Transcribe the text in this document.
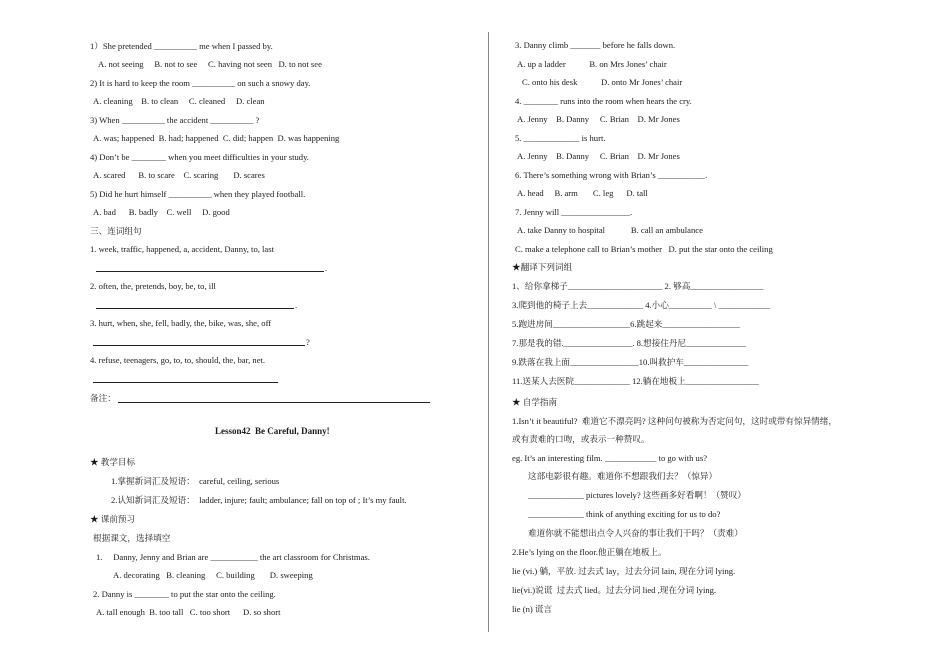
1）She pretended __________ me when I passed by.
A. not seeing     B. not to see     C. having not seen   D. to not see
2) It is hard to keep the room __________ on such a snowy day.
A. cleaning    B. to clean     C. cleaned     D. clean
3) When __________ the accident __________ ?
A. was; happened  B. had; happened  C. did; happen  D. was happening
4) Don’t be ________ when you meet difficulties in your study.
A. scared      B. to scare    C. scaring       D. scares
5) Did he hurt himself __________ when they played football.
A. bad      B. badly    C. well     D. good
三、连词组句
1. week, traffic, happened, a, accident, Danny, to, last
.
2. often, the, pretends, boy, be, to, ill
.
3. hurt, when, she, fell, badly, the, bike, was, she, off
?
4. refuse, teenagers, go, to, to, should, the, bar, net.
备注：
Lesson42  Be Careful, Danny!
★ 教学目标
1.掌握新词汇及短语：  careful, ceiling, serious
2.认知新词汇及短语：  ladder, injure; fault; ambulance; fall on top of ; It’s my fault.
★ 课前预习
根据课文，选择填空
1.     Danny, Jenny and Brian are ___________ the art classroom for Christmas.
A. decorating   B. cleaning     C. building       D. sweeping
2. Danny is ________ to put the star onto the ceiling.
A. tall enough  B. too tall   C. too short      D. so short
3. Danny climb _______ before he falls down.
A. up a ladder           B. on Mrs Jones’ chair
C. onto his desk           D. onto Mr Jones’ chair
4. ________ runs into the room when hears the cry.
A. Jenny    B. Danny     C. Brian    D. Mr Jones
5. _____________ is hurt.
A. Jenny    B. Danny     C. Brian    D. Mr Jones
6. There’s something wrong with Brian’s ___________.
A. head     B. arm       C. leg      D. tall
7. Jenny will ________________.
A. take Danny to hospital            B. call an ambulance
C. make a telephone call to Brian’s mother   D. put the star onto the ceiling
★翻译下列词组
1、给你拿梯子______________________ 2. 够高_________________
3.爬到他的椅子上去_____________ 4.小心__________ \ ____________
5.跑进房间__________________6.跳起来__________________
7.那是我的错.________________. 8.想接住丹尼______________
9.跌落在我上面________________10.叫救护车_______________
11.送某人去医院_____________ 12.躺在地板上_________________
★ 自学指南
1.Isn’t it beautiful?  难道它不漂亮吗? 这种问句被称为否定问句，这时或带有惊异情绪，
或有责难的口吻，或表示一种赞叹。
eg. It’s an interesting film. ____________ to go with us?
这部电影很有趣。难道你不想跟我们去？（惊异）
_____________ pictures lovely? 这些画多好看啊！（赞叹）
_____________ think of anything exciting for us to do?
难道你就不能想出点令人兴奋的事让我们干吗？（责难）
2.He’s lying on the floor.他正躺在地板上。
lie (vi.) 躺，平放. 过去式 lay，过去分词 lain, 现在分词 lying.
lie(vi.)说谎  过去式 lied。过去分词 lied ,现在分词 lying.
lie (n) 谎言
